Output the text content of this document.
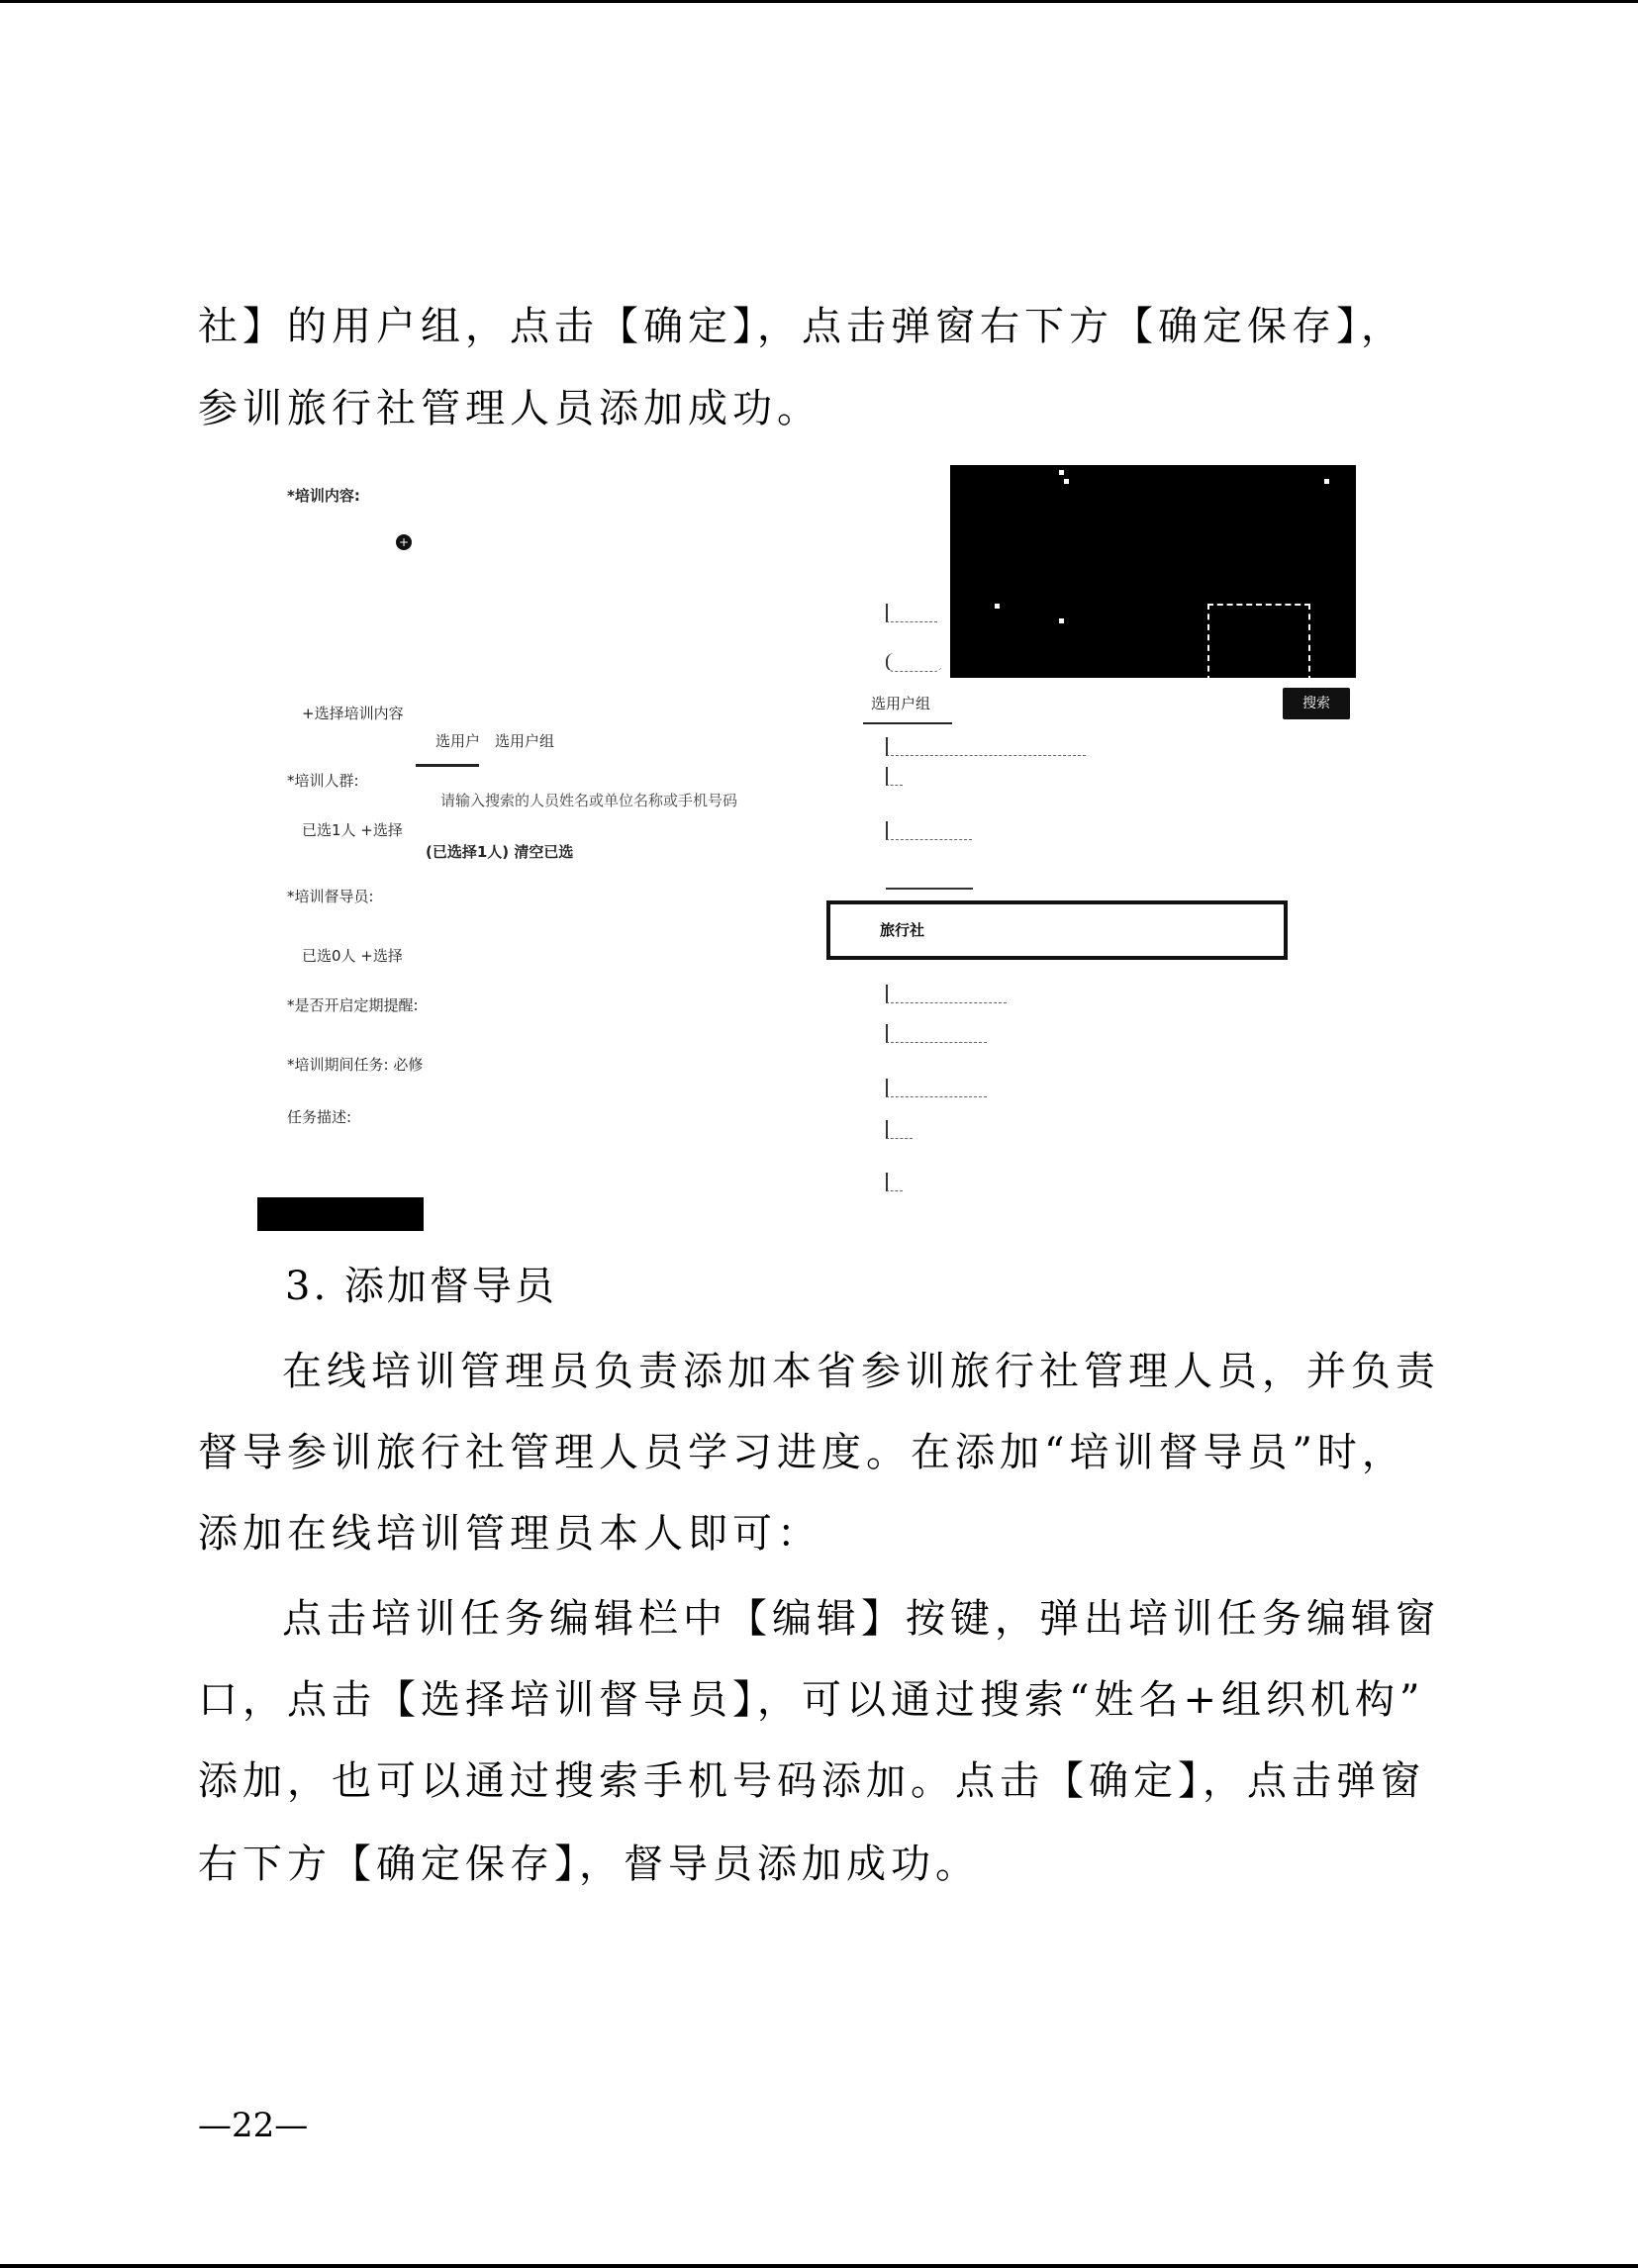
社】的用户组，点击【确定】，点击弹窗右下方【确定保存】，
参训旅行社管理人员添加成功。
*培训内容:
+
+选择培训内容
选用户 选用户组
*培训人群:
请输入搜索的人员姓名或单位名称或手机号码
已选1人 +选择
(已选择1人) 清空已选
*培训督导员:
已选0人 +选择
*是否开启定期提醒:
*培训期间任务: 必修
任务描述:
选用户组	搜索
旅行社
3. 添加督导员
在线培训管理员负责添加本省参训旅行社管理人员，并负责
督导参训旅行社管理人员学习进度。在添加“培训督导员”时，
添加在线培训管理员本人即可：
点击培训任务编辑栏中【编辑】按键，弹出培训任务编辑窗
口，点击【选择培训督导员】，可以通过搜索“姓名+组织机构”
添加，也可以通过搜索手机号码添加。点击【确定】，点击弹窗
右下方【确定保存】，督导员添加成功。
—22—
